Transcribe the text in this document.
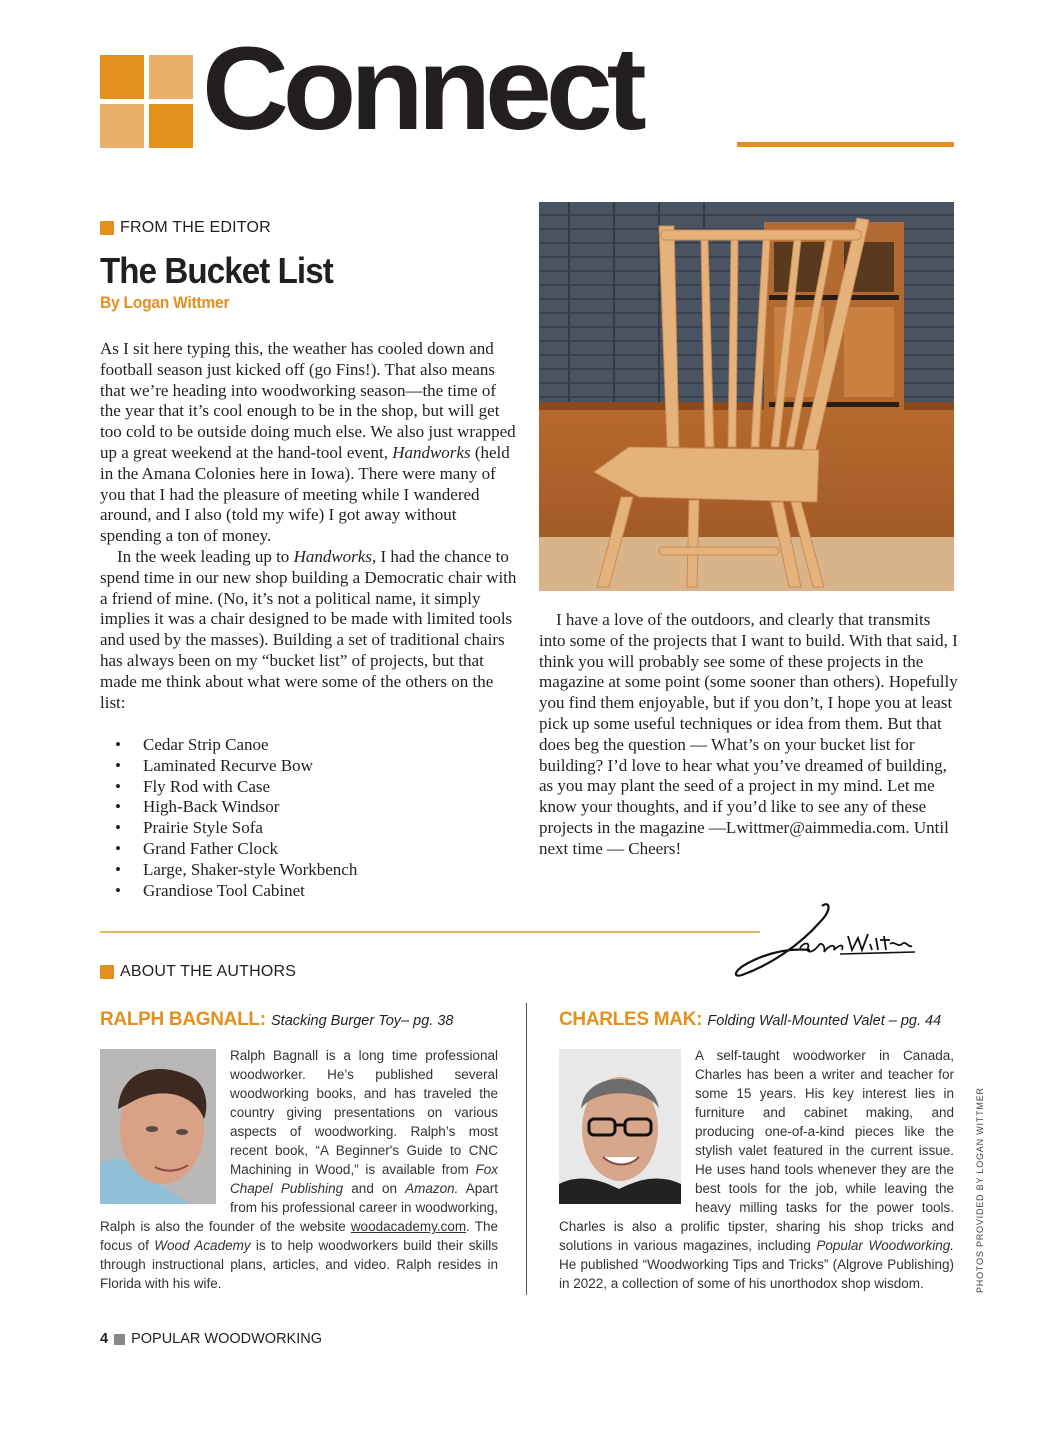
Connect
FROM THE EDITOR
The Bucket List
By Logan Wittmer

As I sit here typing this, the weather has cooled down and football season just kicked off (go Fins!). That also means that we’re heading into woodworking season—the time of the year that it’s cool enough to be in the shop, but will get too cold to be outside doing much else. We also just wrapped up a great weekend at the hand-tool event, Handworks (held in the Amana Colonies here in Iowa). There were many of you that I had the pleasure of meeting while I wandered around, and I also (told my wife) I got away without spending a ton of money.

In the week leading up to Handworks, I had the chance to spend time in our new shop building a Democratic chair with a friend of mine. (No, it’s not a political name, it simply implies it was a chair designed to be made with limited tools and used by the masses). Building a set of traditional chairs has always been on my “bucket list” of projects, but that made me think about what were some of the others on the list:

• Cedar Strip Canoe
• Laminated Recurve Bow
• Fly Rod with Case
• High-Back Windsor
• Prairie Style Sofa
• Grand Father Clock
• Large, Shaker-style Workbench
• Grandiose Tool Cabinet

I have a love of the outdoors, and clearly that transmits into some of the projects that I want to build. With that said, I think you will probably see some of these projects in the magazine at some point (some sooner than others). Hopefully you find them enjoyable, but if you don’t, I hope you at least pick up some useful techniques or idea from them. But that does beg the question — What’s on your bucket list for building? I’d love to hear what you’ve dreamed of building, as you may plant the seed of a project in my mind. Let me know your thoughts, and if you’d like to see any of these projects in the magazine —Lwittmer@aimmedia.com. Until next time — Cheers!

ABOUT THE AUTHORS
RALPH BAGNALL: Stacking Burger Toy– pg. 38
Ralph Bagnall is a long time professional woodworker. He’s published several woodworking books, and has traveled the country giving presentations on various aspects of woodworking. Ralph’s most recent book, “A Beginner's Guide to CNC Machining in Wood,” is available from Fox Chapel Publishing and on Amazon. Apart from his professional career in woodworking, Ralph is also the founder of the website woodacademy.com. The focus of Wood Academy is to help woodworkers build their skills through instructional plans, articles, and video. Ralph resides in Florida with his wife.
CHARLES MAK: Folding Wall-Mounted Valet – pg. 44
A self-taught woodworker in Canada, Charles has been a writer and teacher for some 15 years. His key interest lies in furniture and cabinet making, and producing one-of-a-kind pieces like the stylish valet featured in the current issue. He uses hand tools whenever they are the best tools for the job, while leaving the heavy milling tasks for the power tools. Charles is also a prolific tipster, sharing his shop tricks and solutions in various magazines, including Popular Woodworking. He published “Woodworking Tips and Tricks” (Algrove Publishing) in 2022, a collection of some of his unorthodox shop wisdom.	PHOTOS PROVIDED BY LOGAN WITTMER
4 POPULAR WOODWORKING
